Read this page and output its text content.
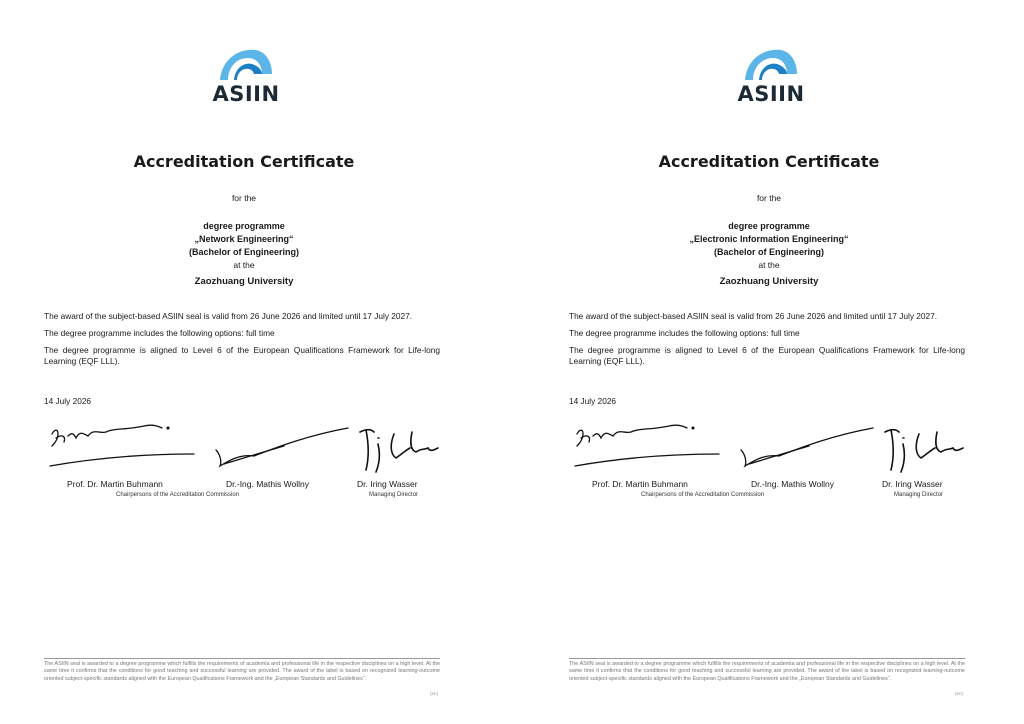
ASIIN
Accreditation Certificate
for the
degree programme
„Network Engineering“
(Bachelor of Engineering)
at the
Zaozhuang University
The award of the subject-based ASIIN seal is valid from 26 June 2026 and limited until 17 July 2027.
The degree programme includes the following options: full time
The degree programme is aligned to Level 6 of the European Qualifications Framework for Life-long Learning (EQF LLL).
14 July 2026
Prof. Dr. Martin Buhmann	Dr.-Ing. Mathis Wollny	Dr. Iring Wasser
Chairpersons of the Accreditation Commission	Managing Director
The ASIIN seal is awarded to a degree programme which fulfills the requirements of academia and professional life in the respective disciplines on a high level. At the same time it confirms that the conditions for good teaching and successful learning are provided. The award of the label is based on recognized learning-outcome oriented subject-specific standards aligned with the European Qualifications Framework and the „European Standards and Guidelines“.
(en)
ASIIN
Accreditation Certificate
for the
degree programme
„Electronic Information Engineering“
(Bachelor of Engineering)
at the
Zaozhuang University
The award of the subject-based ASIIN seal is valid from 26 June 2026 and limited until 17 July 2027.
The degree programme includes the following options: full time
The degree programme is aligned to Level 6 of the European Qualifications Framework for Life-long Learning (EQF LLL).
14 July 2026
Prof. Dr. Martin Buhmann	Dr.-Ing. Mathis Wollny	Dr. Iring Wasser
Chairpersons of the Accreditation Commission	Managing Director
The ASIIN seal is awarded to a degree programme which fulfills the requirements of academia and professional life in the respective disciplines on a high level. At the same time it confirms that the conditions for good teaching and successful learning are provided. The award of the label is based on recognized learning-outcome oriented subject-specific standards aligned with the European Qualifications Framework and the „European Standards and Guidelines“.
(en)
